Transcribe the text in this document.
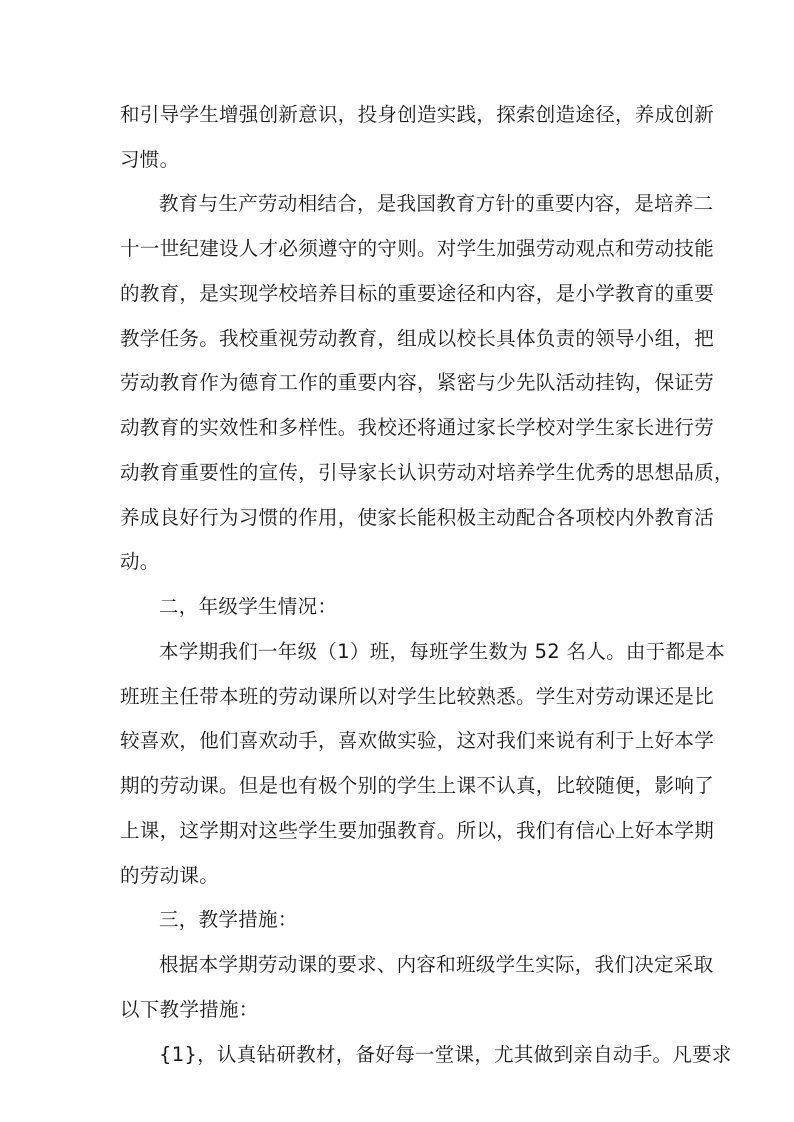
和引导学生增强创新意识，投身创造实践，探索创造途径，养成创新
习惯。
教育与生产劳动相结合，是我国教育方针的重要内容，是培养二
十一世纪建设人才必须遵守的守则。对学生加强劳动观点和劳动技能
的教育，是实现学校培养目标的重要途径和内容，是小学教育的重要
教学任务。我校重视劳动教育，组成以校长具体负责的领导小组，把
劳动教育作为德育工作的重要内容，紧密与少先队活动挂钩，保证劳
动教育的实效性和多样性。我校还将通过家长学校对学生家长进行劳
动教育重要性的宣传，引导家长认识劳动对培养学生优秀的思想品质，
养成良好行为习惯的作用，使家长能积极主动配合各项校内外教育活
动。
二，年级学生情况：
本学期我们一年级（1）班，每班学生数为 52 名人。由于都是本
班班主任带本班的劳动课所以对学生比较熟悉。学生对劳动课还是比
较喜欢，他们喜欢动手，喜欢做实验，这对我们来说有利于上好本学
期的劳动课。但是也有极个别的学生上课不认真，比较随便，影响了
上课，这学期对这些学生要加强教育。所以，我们有信心上好本学期
的劳动课。
三，教学措施：
根据本学期劳动课的要求、内容和班级学生实际，我们决定采取
以下教学措施：
{1}，认真钻研教材，备好每一堂课，尤其做到亲自动手。凡要求
